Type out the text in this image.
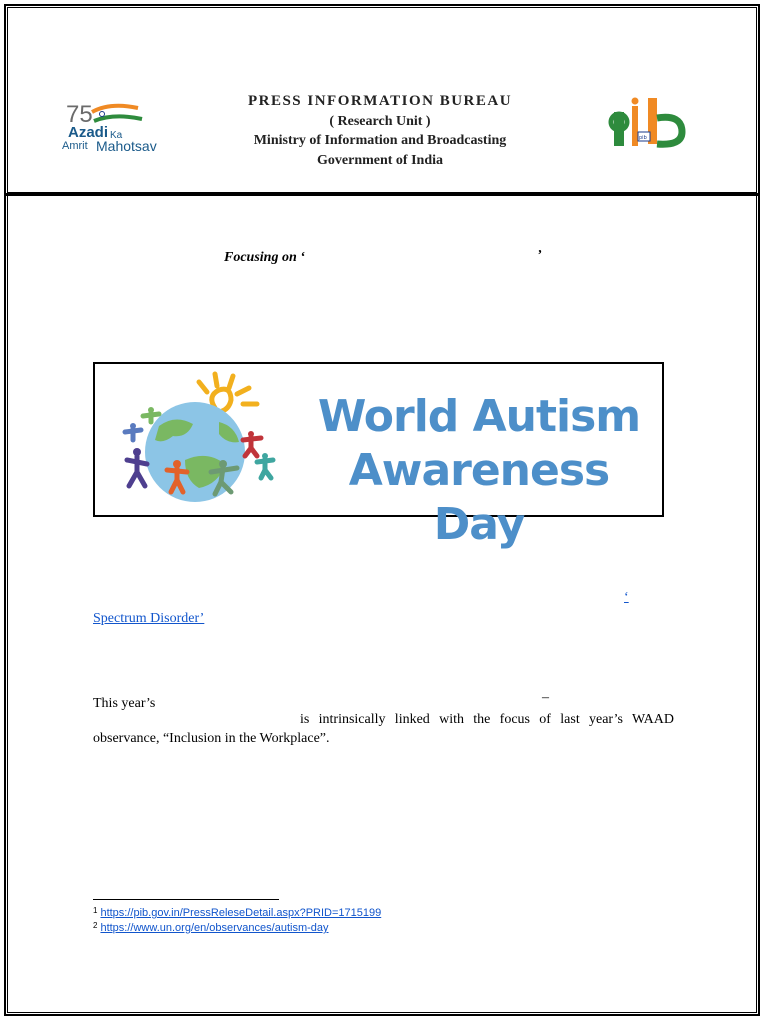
75
Azadi Ka
Amrit Mahotsav
PRESS INFORMATION BUREAU
( Research Unit )
Ministry of Information and Broadcasting
Government of India
pib
Focusing on ‘	’
World Autism Awareness Day
‘
Spectrum Disorder’
This year’s	–
is intrinsically linked with the focus of last year’s WAAD
observance, “Inclusion in the Workplace”.
$^1$ https://pib.gov.in/PressReleseDetail.aspx?PRID=1715199
$^2$ https://www.un.org/en/observances/autism-day
